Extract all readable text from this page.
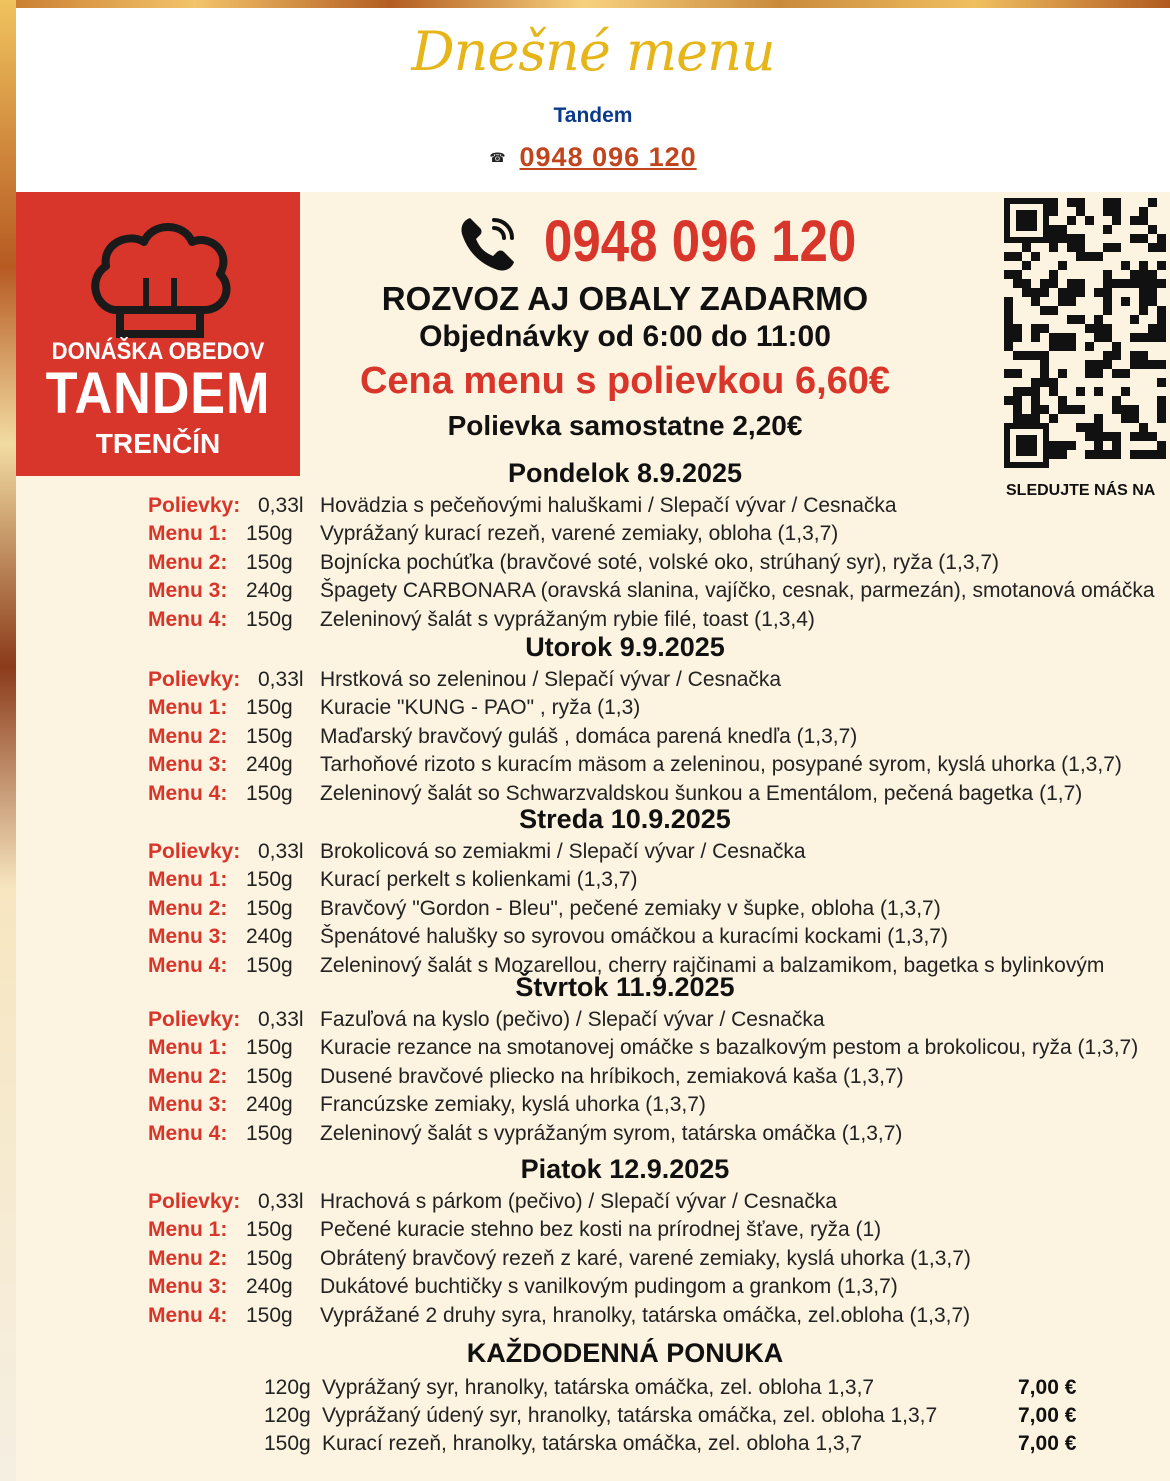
Dnešné menu
Tandem
☎ 0948 096 120
DONÁŠKA OBEDOV
TANDEM
TRENČÍN
0948 096 120
ROZVOZ AJ OBALY ZADARMO
Objednávky od 6:00 do 11:00
Cena menu s polievkou 6,60€
Polievka samostatne 2,20€
SLEDUJTE NÁS NA
Pondelok 8.9.2025
Polievky: 0,33l Hovädzia s pečeňovými haluškami / Slepačí vývar / Cesnačka
Menu 1: 150g Vyprážaný kurací rezeň, varené zemiaky, obloha (1,3,7)
Menu 2: 150g Bojnícka pochúťka (bravčové soté, volské oko, strúhaný syr), ryža (1,3,7)
Menu 3: 240g Špagety CARBONARA (oravská slanina, vajíčko, cesnak, parmezán), smotanová omáčka
Menu 4: 150g Zeleninový šalát s vyprážaným rybie filé, toast (1,3,4)
Utorok 9.9.2025
Polievky: 0,33l Hrstková so zeleninou / Slepačí vývar / Cesnačka
Menu 1: 150g Kuracie "KUNG - PAO" , ryža (1,3)
Menu 2: 150g Maďarský bravčový guláš , domáca parená knedľa (1,3,7)
Menu 3: 240g Tarhoňové rizoto s kuracím mäsom a zeleninou, posypané syrom, kyslá uhorka (1,3,7)
Menu 4: 150g Zeleninový šalát so Schwarzvaldskou šunkou a Ementálom, pečená bagetka (1,7)
Streda 10.9.2025
Polievky: 0,33l Brokolicová so zemiakmi / Slepačí vývar / Cesnačka
Menu 1: 150g Kurací perkelt s kolienkami (1,3,7)
Menu 2: 150g Bravčový "Gordon - Bleu", pečené zemiaky v šupke, obloha (1,3,7)
Menu 3: 240g Špenátové halušky so syrovou omáčkou a kuracími kockami (1,3,7)
Menu 4: 150g Zeleninový šalát s Mozarellou, cherry rajčinami a balzamikom, bagetka s bylinkovým
Štvrtok 11.9.2025
Polievky: 0,33l Fazuľová na kyslo (pečivo) / Slepačí vývar / Cesnačka
Menu 1: 150g Kuracie rezance na smotanovej omáčke s bazalkovým pestom a brokolicou, ryža (1,3,7)
Menu 2: 150g Dusené bravčové pliecko na hríbikoch, zemiaková kaša (1,3,7)
Menu 3: 240g Francúzske zemiaky, kyslá uhorka (1,3,7)
Menu 4: 150g Zeleninový šalát s vyprážaným syrom, tatárska omáčka (1,3,7)
Piatok 12.9.2025
Polievky: 0,33l Hrachová s párkom (pečivo) / Slepačí vývar / Cesnačka
Menu 1: 150g Pečené kuracie stehno bez kosti na prírodnej šťave, ryža (1)
Menu 2: 150g Obrátený bravčový rezeň z karé, varené zemiaky, kyslá uhorka (1,3,7)
Menu 3: 240g Dukátové buchtičky s vanilkovým pudingom a grankom (1,3,7)
Menu 4: 150g Vyprážané 2 druhy syra, hranolky, tatárska omáčka, zel.obloha (1,3,7)
KAŽDODENNÁ PONUKA
120g Vyprážaný syr, hranolky, tatárska omáčka, zel. obloha 1,3,7	7,00 €
120g Vyprážaný údený syr, hranolky, tatárska omáčka, zel. obloha 1,3,7	7,00 €
150g Kurací rezeň, hranolky, tatárska omáčka, zel. obloha 1,3,7	7,00 €
